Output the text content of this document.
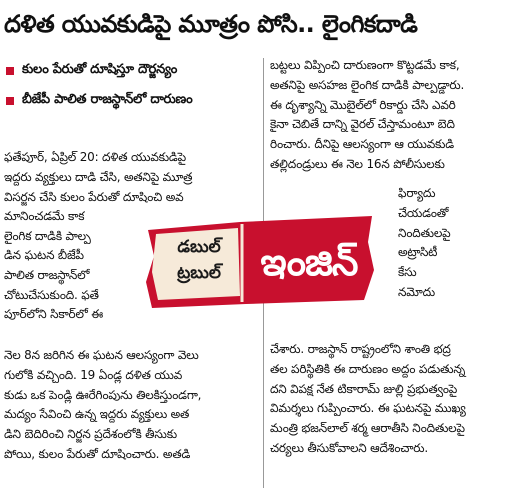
దళిత యువకుడిపై మూత్రం పోసి.. లైంగికదాడి
కులం పేరుతో దూషిస్తూ దౌర్జన్యం
బీజేపీ పాలిత రాజస్థాన్‌లో దారుణం
ఫతేపూర్, ఏప్రిల్ 20: దళిత యువకుడిపై
ఇద్దరు వ్యక్తులు దాడి చేసి, అతనిపై మూత్ర
విసర్జన చేసి కులం పేరుతో దూషించి అవ
మానించడమే కాక
లైంగిక దాడికి పాల్ప
డిన ఘటన బీజేపీ
పాలిత రాజస్థాన్‌లో
చోటుచేసుకుంది. ఫతే
పూర్‌లోని సికార్‌లో ఈ
నెల 8న జరిగిన ఈ ఘటన ఆలస్యంగా వెలు
గులోకి వచ్చింది. 19 ఏండ్ల దళిత యువ
కుడు ఒక పెండ్లి ఊరేగింపును తిలకిస్తుండగా,
మద్యం సేవించి ఉన్న ఇద్దరు వ్యక్తులు అత
డిని బెదిరించి నిర్జన ప్రదేశంలోకి తీసుకు
పోయి, కులం పేరుతో దూషించారు. అతడి
బట్టలు విప్పించి దారుణంగా కొట్టడమే కాక,
అతనిపై అసహజ లైంగిక దాడికి పాల్పడ్డారు.
ఈ దృశ్యాన్ని మొబైల్‌లో రికార్డు చేసి ఎవరి
కైనా చెబితే దాన్ని వైరల్ చేస్తామంటూ బెది
రించారు. దీనిపై ఆలస్యంగా ఆ యువకుడి
తల్లిదండ్రులు ఈ నెల 16న పోలీసులకు
ఫిర్యాదు
చేయడంతో
నిందితులపై
అట్రాసిటీ
కేసు
నమోదు
చేశారు. రాజస్థాన్ రాష్ట్రంలోని శాంతి భద్ర
తల పరిస్థితికి ఈ దారుణం అద్దం పడుతున్న
దని విపక్ష నేత టికారామ్ జుల్లి ప్రభుత్వంపై
విమర్శలు గుప్పించారు. ఈ ఘటనపై ముఖ్య
మంత్రి భజన్‌లాల్ శర్మ ఆరాతీసి నిందితులపై
చర్యలు తీసుకోవాలని ఆదేశించారు.
డబుల్
ట్రబుల్	ఇంజిన్
